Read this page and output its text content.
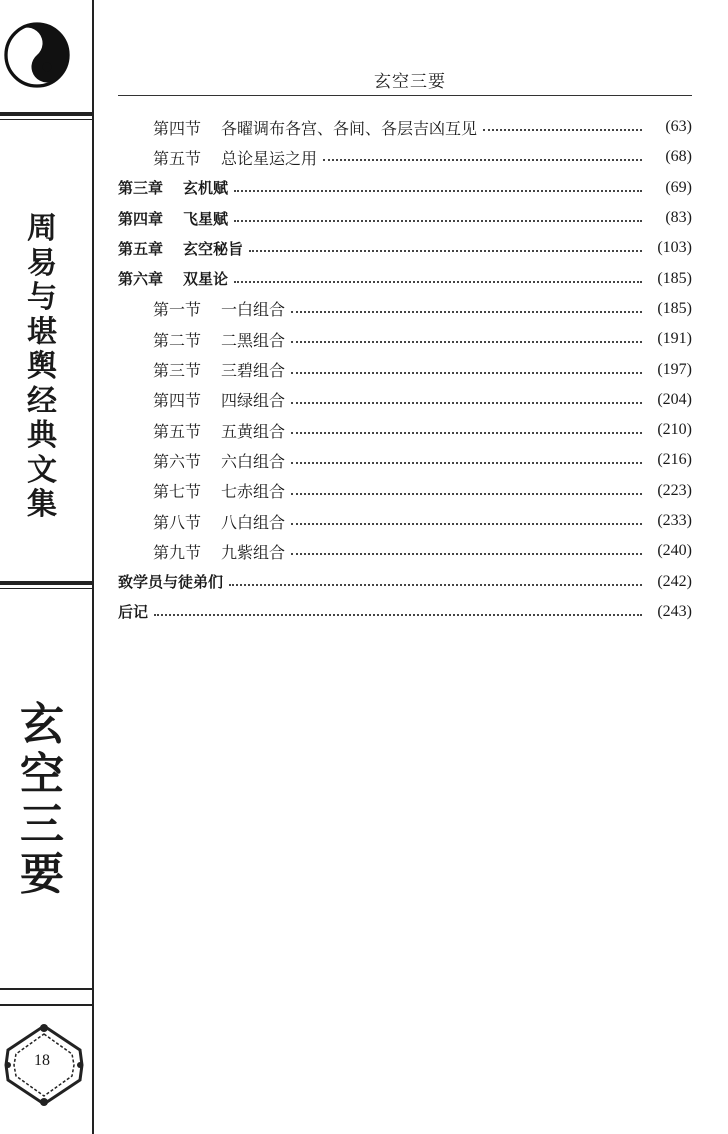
周
易
与
堪
舆
经
典
文
集
玄
空
三
要
18
玄空三要
第四节 各曜调布各宫、各间、各层吉凶互见	(63)
第五节 总论星运之用	(68)
第三章 玄机赋	(69)
第四章 飞星赋	(83)
第五章 玄空秘旨	(103)
第六章 双星论	(185)
第一节 一白组合	(185)
第二节 二黑组合	(191)
第三节 三碧组合	(197)
第四节 四绿组合	(204)
第五节 五黄组合	(210)
第六节 六白组合	(216)
第七节 七赤组合	(223)
第八节 八白组合	(233)
第九节 九紫组合	(240)
致学员与徒弟们	(242)
后记	(243)
